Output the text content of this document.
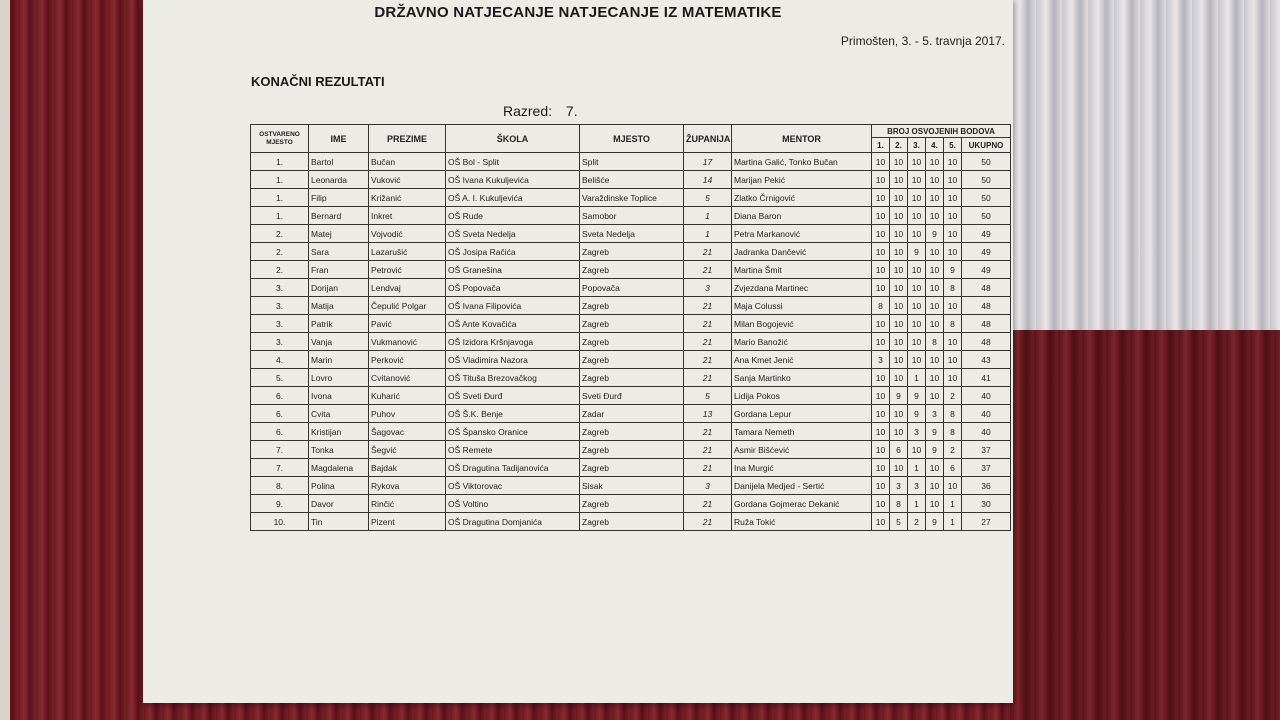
DRŽAVNO NATJECANJE NATJECANJE IZ MATEMATIKE
Primošten, 3. - 5. travnja 2017.
KONAČNI REZULTATI
Razred: 7.
OSTVARENO MJESTO	IME	PREZIME	ŠKOLA	MJESTO	ŽUPANIJA	MENTOR	BROJ OSVOJENIH BODOVA					
							1.	2.	3.	4.	5.	UKUPNO
1.	Bartol	Bučan	OŠ Bol - Split	Split	17	Martina Galić, Tonko Bučan	10	10	10	10	10	50
1.	Leonarda	Vuković	OŠ Ivana Kukuljevića	Belišće	14	Marijan Pekić	10	10	10	10	10	50
1.	Filip	Križanić	OŠ A. I. Kukuljevića	Varaždinske Toplice	5	Zlatko Črnigović	10	10	10	10	10	50
1.	Bernard	Inkret	OŠ Rude	Samobor	1	Diana Baron	10	10	10	10	10	50
2.	Matej	Vojvodić	OŠ Sveta Nedelja	Sveta Nedelja	1	Petra Markanović	10	10	10	9	10	49
2.	Sara	Lazarušić	OŠ Josipa Račića	Zagreb	21	Jadranka Dančević	10	10	9	10	10	49
2.	Fran	Petrović	OŠ Granešina	Zagreb	21	Martina Šmit	10	10	10	10	9	49
3.	Dorijan	Lendvaj	OŠ Popovača	Popovača	3	Zvjezdana Martinec	10	10	10	10	8	48
3.	Matija	Čepulić Polgar	OŠ Ivana Filipovića	Zagreb	21	Maja Colussi	8	10	10	10	10	48
3.	Patrik	Pavić	OŠ Ante Kovačića	Zagreb	21	Milan Bogojević	10	10	10	10	8	48
3.	Vanja	Vukmanović	OŠ Izidora Kršnjavoga	Zagreb	21	Mario Banožić	10	10	10	8	10	48
4.	Marin	Perković	OŠ Vladimira Nazora	Zagreb	21	Ana Kmet Jenić	3	10	10	10	10	43
5.	Lovro	Cvitanović	OŠ Tituša Brezovačkog	Zagreb	21	Sanja Martinko	10	10	1	10	10	41
6.	Ivona	Kuharić	OŠ Sveti Đurđ	Sveti Đurđ	5	Lidija Pokos	10	9	9	10	2	40
6.	Cvita	Puhov	OŠ Š.K. Benje	Zadar	13	Gordana Lepur	10	10	9	3	8	40
6.	Kristijan	Šagovac	OŠ Špansko Oranice	Zagreb	21	Tamara Nemeth	10	10	3	9	8	40
7.	Tonka	Šegvić	OŠ Remete	Zagreb	21	Asmir Bišćević	10	6	10	9	2	37
7.	Magdalena	Bajdak	OŠ Dragutina Tadijanovića	Zagreb	21	Ina Murgić	10	10	1	10	6	37
8.	Polina	Rykova	OŠ Viktorovac	Sisak	3	Danijela Medjed - Sertić	10	3	3	10	10	36
9.	Davor	Rinčić	OŠ Voltino	Zagreb	21	Gordana Gojmerac Dekanić	10	8	1	10	1	30
10.	Tin	Pizent	OŠ Dragutina Domjanića	Zagreb	21	Ruža Tokić	10	5	2	9	1	27
